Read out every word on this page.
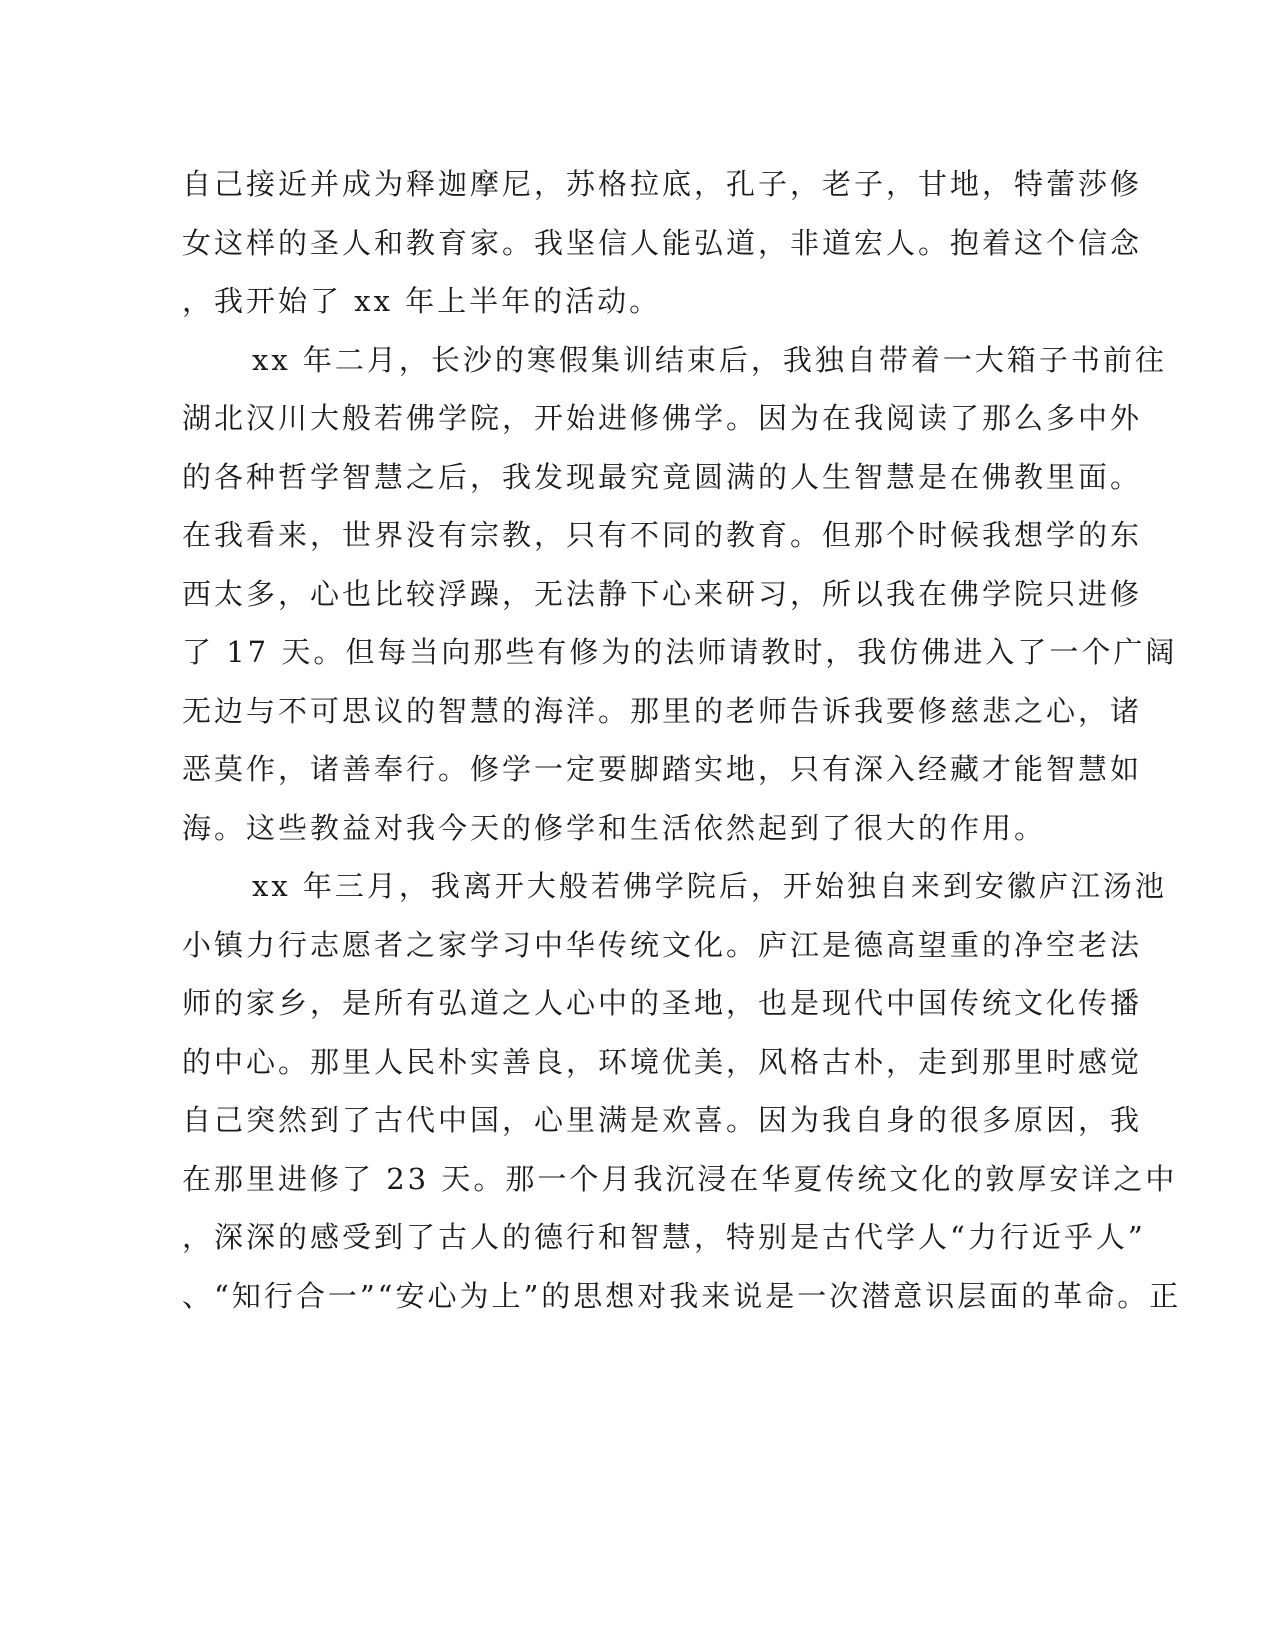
自己接近并成为释迦摩尼，苏格拉底，孔子，老子，甘地，特蕾莎修
女这样的圣人和教育家。我坚信人能弘道，非道宏人。抱着这个信念
，我开始了 xx 年上半年的活动。
xx 年二月，长沙的寒假集训结束后，我独自带着一大箱子书前往
湖北汉川大般若佛学院，开始进修佛学。因为在我阅读了那么多中外
的各种哲学智慧之后，我发现最究竟圆满的人生智慧是在佛教里面。
在我看来，世界没有宗教，只有不同的教育。但那个时候我想学的东
西太多，心也比较浮躁，无法静下心来研习，所以我在佛学院只进修
了 17 天。但每当向那些有修为的法师请教时，我仿佛进入了一个广阔
无边与不可思议的智慧的海洋。那里的老师告诉我要修慈悲之心，诸
恶莫作，诸善奉行。修学一定要脚踏实地，只有深入经藏才能智慧如
海。这些教益对我今天的修学和生活依然起到了很大的作用。
xx 年三月，我离开大般若佛学院后，开始独自来到安徽庐江汤池
小镇力行志愿者之家学习中华传统文化。庐江是德高望重的净空老法
师的家乡，是所有弘道之人心中的圣地，也是现代中国传统文化传播
的中心。那里人民朴实善良，环境优美，风格古朴，走到那里时感觉
自己突然到了古代中国，心里满是欢喜。因为我自身的很多原因，我
在那里进修了 23 天。那一个月我沉浸在华夏传统文化的敦厚安详之中
，深深的感受到了古人的德行和智慧，特别是古代学人“力行近乎人”
、“知行合一”“安心为上”的思想对我来说是一次潜意识层面的革命。正
